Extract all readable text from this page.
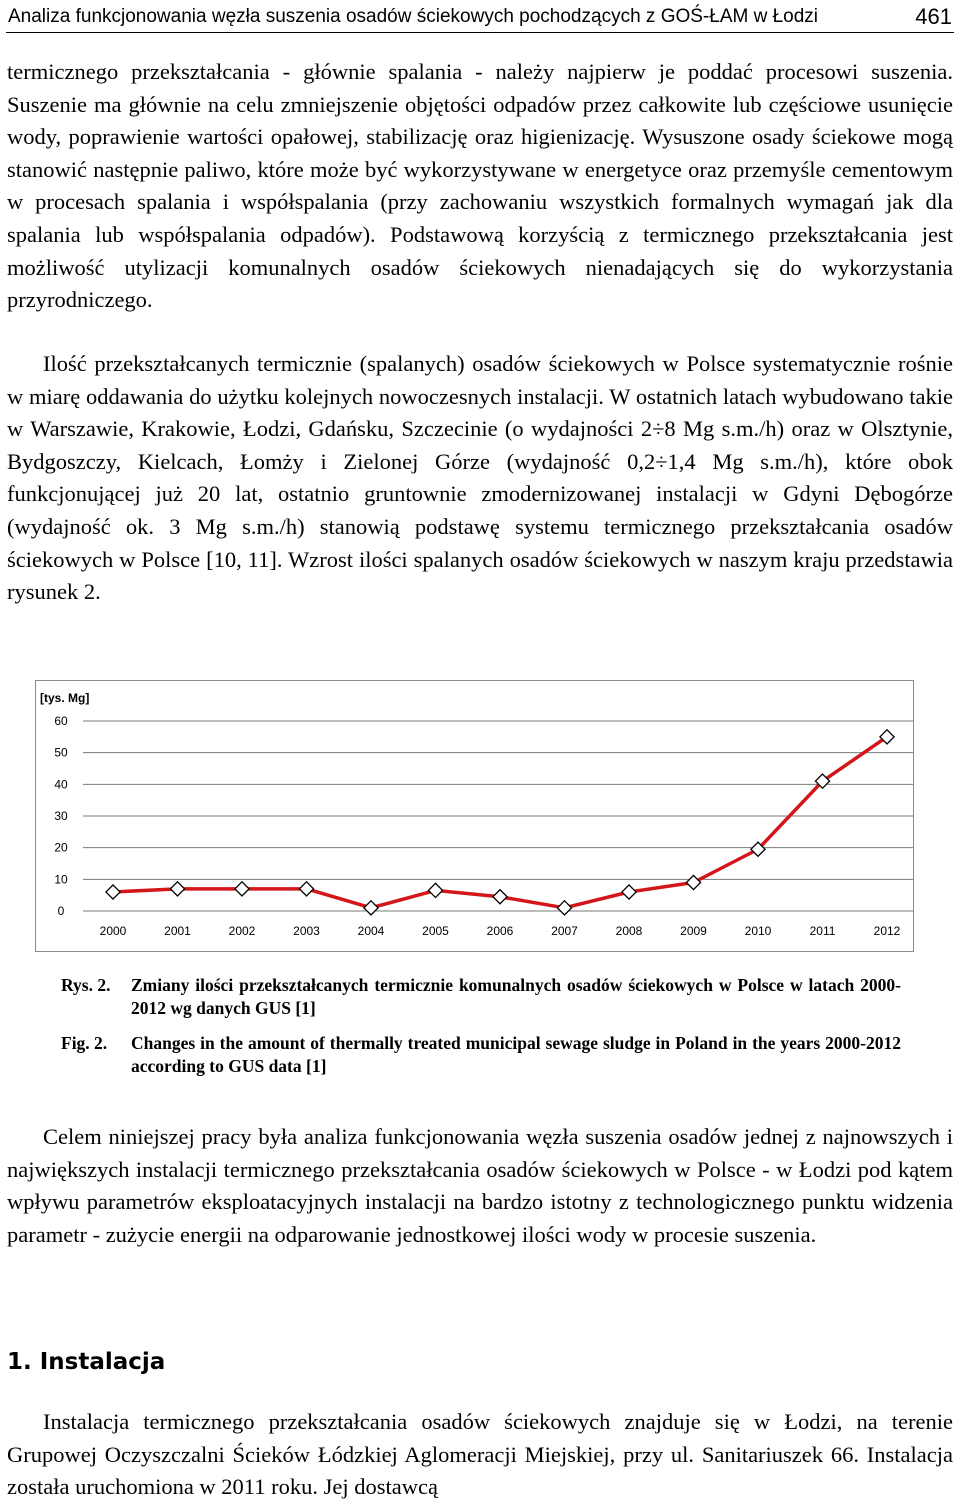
Analiza funkcjonowania węzła suszenia osadów ściekowych pochodzących z GOŚ-ŁAM w Łodzi	461

termicznego przekształcania - głównie spalania - należy najpierw je poddać procesowi suszenia. Suszenie ma głównie na celu zmniejszenie objętości odpadów przez całkowite lub częściowe usunięcie wody, poprawienie wartości opałowej, stabilizację oraz higienizację. Wysuszone osady ściekowe mogą stanowić następnie paliwo, które może być wykorzystywane w energetyce oraz przemyśle cementowym w procesach spalania i współspalania (przy zachowaniu wszystkich formalnych wymagań jak dla spalania lub współspalania odpadów). Podstawową korzyścią z termicznego przekształcania jest możliwość utylizacji komunalnych osadów ściekowych nienadających się do wykorzystania przyrodniczego.

Ilość przekształcanych termicznie (spalanych) osadów ściekowych w Polsce systematycznie rośnie w miarę oddawania do użytku kolejnych nowoczesnych instalacji. W ostatnich latach wybudowano takie w Warszawie, Krakowie, Łodzi, Gdańsku, Szczecinie (o wydajności 2÷8 Mg s.m./h) oraz w Olsztynie, Bydgoszczy, Kielcach, Łomży i Zielonej Górze (wydajność 0,2÷1,4 Mg s.m./h), które obok funkcjonującej już 20 lat, ostatnio gruntownie zmodernizowanej instalacji w Gdyni Dębogórze (wydajność ok. 3 Mg s.m./h) stanowią podstawę systemu termicznego przekształcania osadów ściekowych w Polsce [10, 11]. Wzrost ilości spalanych osadów ściekowych w naszym kraju przedstawia rysunek 2.

60
50
40
30
20
10
0
[tys. Mg]
2000	2001	2002	2003	2004	2005	2006	2007	2008	2009	2010	2011	2012
Rys. 2. Zmiany ilości przekształcanych termicznie komunalnych osadów ściekowych w Polsce w latach 2000-2012 wg danych GUS [1]
Fig. 2. Changes in the amount of thermally treated municipal sewage sludge in Poland in the years 2000-2012 according to GUS data [1]

Celem niniejszej pracy była analiza funkcjonowania węzła suszenia osadów jednej z najnowszych i największych instalacji termicznego przekształcania osadów ściekowych w Polsce - w Łodzi pod kątem wpływu parametrów eksploatacyjnych instalacji na bardzo istotny z technologicznego punktu widzenia parametr - zużycie energii na odparowanie jednostkowej ilości wody w procesie suszenia.

1. Instalacja

Instalacja termicznego przekształcania osadów ściekowych znajduje się w Łodzi, na terenie Grupowej Oczyszczalni Ścieków Łódzkiej Aglomeracji Miejskiej, przy ul. Sanitariuszek 66. Instalacja została uruchomiona w 2011 roku. Jej dostawcą
